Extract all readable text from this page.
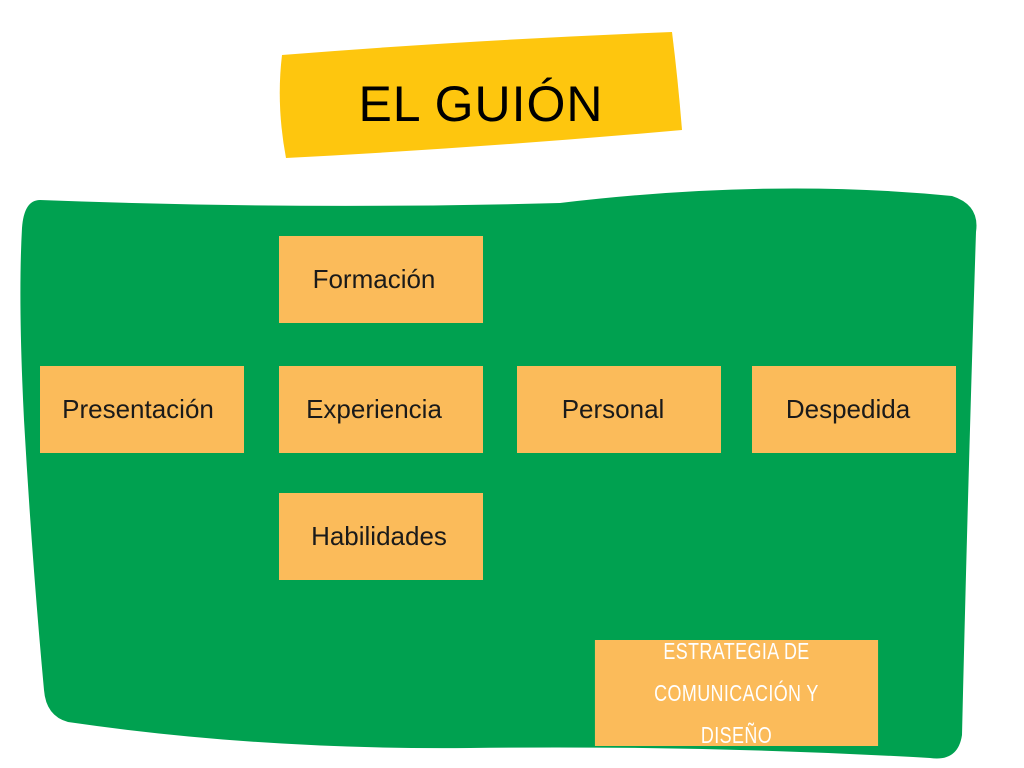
EL GUIÓN
Formación
Presentación	Experiencia	Personal	Despedida
Habilidades
ESTRATEGIA DE COMUNICACIÓN Y DISEÑO
